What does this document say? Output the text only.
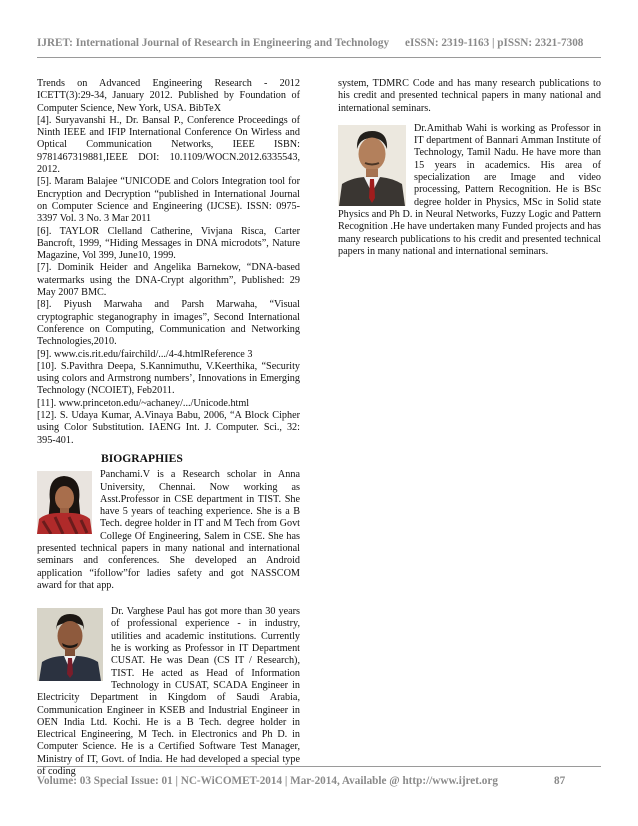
IJRET: International Journal of Research in Engineering and Technology eISSN: 2319-1163 | pISSN: 2321-7308

Trends on Advanced Engineering Research - 2012 ICETT(3):29-34, January 2012. Published by Foundation of Computer Science, New York, USA. BibTeX

[4]. Suryavanshi H., Dr. Bansal P., Conference Proceedings of Ninth IEEE and IFIP International Conference On Wirless and Optical Communication Networks, IEEE ISBN: 9781467319881,IEEE DOI: 10.1109/WOCN.2012.6335543, 2012.

[5]. Maram Balajee “UNICODE and Colors Integration tool for Encryption and Decryption “published in International Journal on Computer Science and Engineering (IJCSE). ISSN: 0975-3397 Vol. 3 No. 3 Mar 2011

[6]. TAYLOR Clelland Catherine, Vivjana Risca, Carter Bancroft, 1999, “Hiding Messages in DNA microdots”, Nature Magazine, Vol 399, June10, 1999.

[7]. Dominik Heider and Angelika Barnekow, “DNA-based watermarks using the DNA-Crypt algorithm”, Published: 29 May 2007 BMC.

[8]. Piyush Marwaha and Parsh Marwaha, “Visual cryptographic steganography in images”, Second International Conference on Computing, Communication and Networking Technologies,2010.

[9]. www.cis.rit.edu/fairchild/.../4-4.htmlReference 3

[10]. S.Pavithra Deepa, S.Kannimuthu, V.Keerthika, “Security using colors and Armstrong numbers’, Innovations in Emerging Technology (NCOIET), Feb2011.

[11]. www.princeton.edu/~achaney/.../Unicode.html

[12]. S. Udaya Kumar, A.Vinaya Babu, 2006, “A Block Cipher using Color Substitution. IAENG Int. J. Computer. Sci., 32: 395-401.

BIOGRAPHIES

Panchami.V is a Research scholar in Anna University, Chennai. Now working as Asst.Professor in CSE department in TIST. She have 5 years of teaching experience. She is a B Tech. degree holder in IT and M Tech from Govt College Of Engineering, Salem in CSE. She has presented technical papers in many national and international seminars and conferences. She developed an Android application “ifollow”for ladies safety and got NASSCOM award for that app.

Dr. Varghese Paul has got more than 30 years of professional experience - in industry, utilities and academic institutions. Currently he is working as Professor in IT Department CUSAT. He was Dean (CS IT / Research), TIST. He acted as Head of Information Technology in CUSAT, SCADA Engineer in Electricity Department in Kingdom of Saudi Arabia, Communication Engineer in KSEB and Industrial Engineer in OEN India Ltd. Kochi. He is a B Tech. degree holder in Electrical Engineering, M Tech. in Electronics and Ph D. in Computer Science. He is a Certified Software Test Manager, Ministry of IT, Govt. of India. He had developed a special type of coding

system, TDMRC Code and has many research publications to his credit and presented technical papers in many national and international seminars.

Dr.Amithab Wahi is working as Professor in IT department of Bannari Amman Institute of Technology, Tamil Nadu. He have more than 15 years in academics. His area of specialization are Image and video processing, Pattern Recognition. He is BSc degree holder in Physics, MSc in Solid state Physics and Ph D. in Neural Networks, Fuzzy Logic and Pattern Recognition .He have undertaken many Funded projects and has many research publications to his credit and presented technical papers in many national and international seminars.

Volume: 03 Special Issue: 01 | NC-WiCOMET-2014 | Mar-2014, Available @ http://www.ijret.org	87
